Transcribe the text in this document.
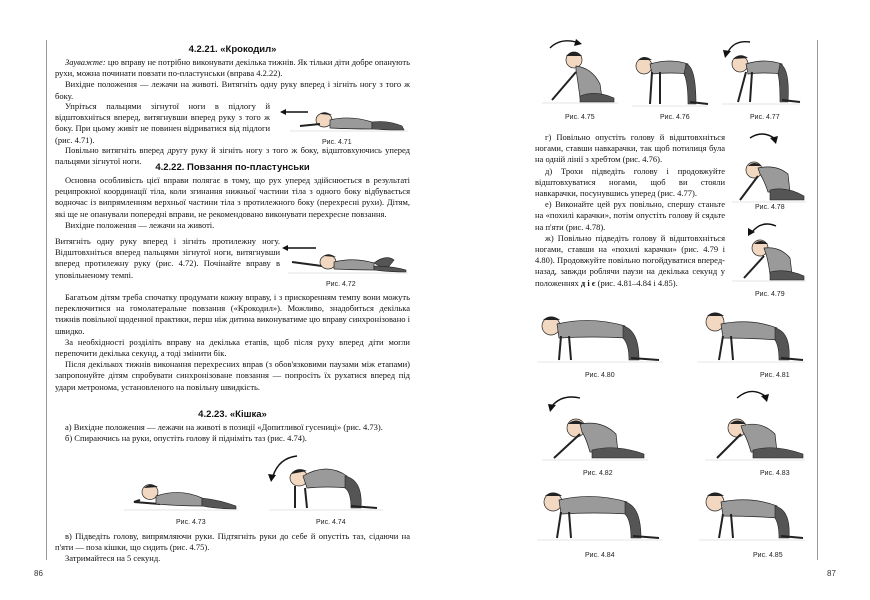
4.2.21. «Крокодил»

Зауважте: цю вправу не потрібно виконувати декілька тижнів. Як тільки діти добре опанують рухи, можна починати повзати по-пластунськи (вправа 4.2.22).

Вихідне положення — лежачи на животі. Витягніть одну руку вперед і зігніть ногу з того ж боку.

Упріться пальцями зігнутої ноги в підлогу й відштовхніться вперед, витягнувши вперед руку з того ж боку. При цьому живіт не повинен відриватися від підлоги (рис. 4.71).	Рис. 4.71

Повільно витягніть вперед другу руку й зігніть ногу з того ж боку, відштовхуючись уперед пальцями зігнутої ноги.

4.2.22. Повзання по-пластунськи

Основна особливість цієї вправи полягає в тому, що рух уперед здійснюється в результаті реципрокної координації тіла, коли згинання нижньої частини тіла з одного боку відбувається водночас із випрямленням верхньої частини тіла з протилежного боку (перехресні рухи). Дітям, які ще не опанували попередні вправи, не рекомендовано виконувати перехресне повзання.

Вихідне положення — лежачи на животі.

Витягніть одну руку вперед і зігніть протилежну ногу. Відштовхніться вперед пальцями зігнутої ноги, витягнувши вперед протилежну руку (рис. 4.72). Почінайте вправу в уповільненому темпі.

Рис. 4.72

Багатьом дітям треба спочатку продумати кожну вправу, і з прискоренням темпу вони можуть переключитися на гомолатеральне повзання («Крокодил»). Можливо, знадобиться декілька тижнів повільної щоденної практики, перш ніж дитина виконуватиме цю вправу синхронізовано і швидко.

За необхідності розділіть вправу на декілька етапів, щоб після руху вперед діти могли перепочити декілька секунд, а тоді змінити бік.

Після декількох тижнів виконання перехресних вправ (з обов'язковими паузами між етапами) запропонуйте дітям спробувати синхронізоване повзання — попросіть їх рухатися вперед під удари метронома, установленого на повільну швидкість.

4.2.23. «Кішка»

а) Вихідне положення — лежачи на животі в позиції «Допитливої гусениці» (рис. 4.73).

б) Спираючись на руки, опустіть голову й підніміть таз (рис. 4.74).

Рис. 4.73	Рис. 4.74

в) Підведіть голову, випрямляючи руки. Підтягніть руки до себе й опустіть таз, сідаючи на п'яти — поза кішки, що сидить (рис. 4.75).

Затримайтеся на 5 секунд.

86
Рис. 4.75	Рис. 4.76	Рис. 4.77

г) Повільно опустіть голову й відштовхніться ногами, ставши навкарачки, так щоб потилиця була на одній лінії з хребтом (рис. 4.76).

д) Трохи підведіть голову і продовжуйте відштовхуватися ногами, щоб ви стояли навкарачки, посунувшись уперед (рис. 4.77).

е) Виконайте цей рух повільно, спершу станьте на «похилі карачки», потім опустіть голову й сядьте на п'яти (рис. 4.78).

ж) Повільно підведіть голову й відштовхніться ногами, ставши на «похилі карачки» (рис. 4.79 і 4.80). Продовжуйте повільно погойдуватися вперед-назад, завжди роблячи паузи на декілька секунд у положеннях д і є (рис. 4.81–4.84 і 4.85).

Рис. 4.78
Рис. 4.79
Рис. 4.80	Рис. 4.81
Рис. 4.82	Рис. 4.83
Рис. 4.84	Рис. 4.85
87
